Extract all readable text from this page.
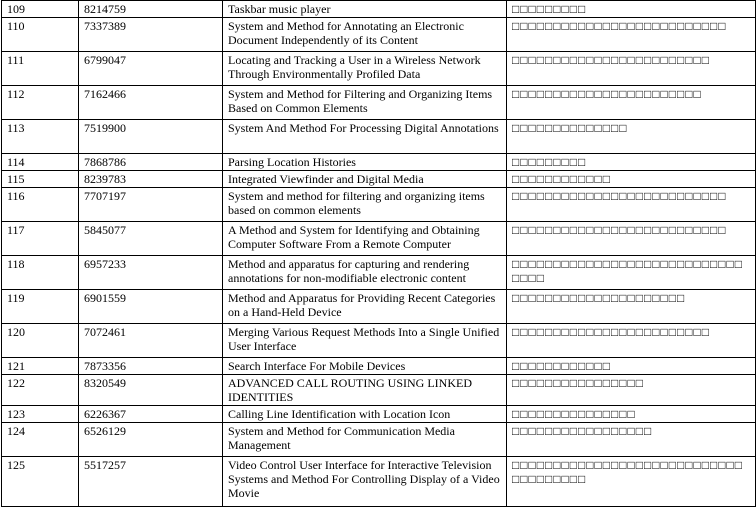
109	8214759	Taskbar music player	□□□□□□□□□
110	7337389	System and Method for Annotating an Electronic Document Independently of its Content	□□□□□□□□□□□□□□□□□□□□□□□□□□
111	6799047	Locating and Tracking a User in a Wireless Network Through Environmentally Profiled Data	□□□□□□□□□□□□□□□□□□□□□□□□
112	7162466	System and Method for Filtering and Organizing Items Based on Common Elements	□□□□□□□□□□□□□□□□□□□□□□□
113	7519900	System And Method For Processing Digital Annotations	□□□□□□□□□□□□□□
114	7868786	Parsing Location Histories	□□□□□□□□□
115	8239783	Integrated Viewfinder and Digital Media	□□□□□□□□□□□□
116	7707197	System and method for filtering and organizing items based on common elements	□□□□□□□□□□□□□□□□□□□□□□□□□□
117	5845077	A Method and System for Identifying and Obtaining Computer Software From a Remote Computer	□□□□□□□□□□□□□□□□□□□□□□□□□□
118	6957233	Method and apparatus for capturing and rendering annotations for non-modifiable electronic content	□□□□□□□□□□□□□□□□□□□□□□□□□□□□□□□□
119	6901559	Method and Apparatus for Providing Recent Categories on a Hand-Held Device	□□□□□□□□□□□□□□□□□□□□□
120	7072461	Merging Various Request Methods Into a Single Unified User Interface	□□□□□□□□□□□□□□□□□□□□□□□□
121	7873356	Search Interface For Mobile Devices	□□□□□□□□□□□□
122	8320549	ADVANCED CALL ROUTING USING LINKED IDENTITIES	□□□□□□□□□□□□□□□□
123	6226367	Calling Line Identification with Location Icon	□□□□□□□□□□□□□□□
124	6526129	System and Method for Communication Media Management	□□□□□□□□□□□□□□□□□
125	5517257	Video Control User Interface for Interactive Television Systems and Method For Controlling Display of a Video Movie	□□□□□□□□□□□□□□□□□□□□□□□□□□□□□□□□□□□□□
